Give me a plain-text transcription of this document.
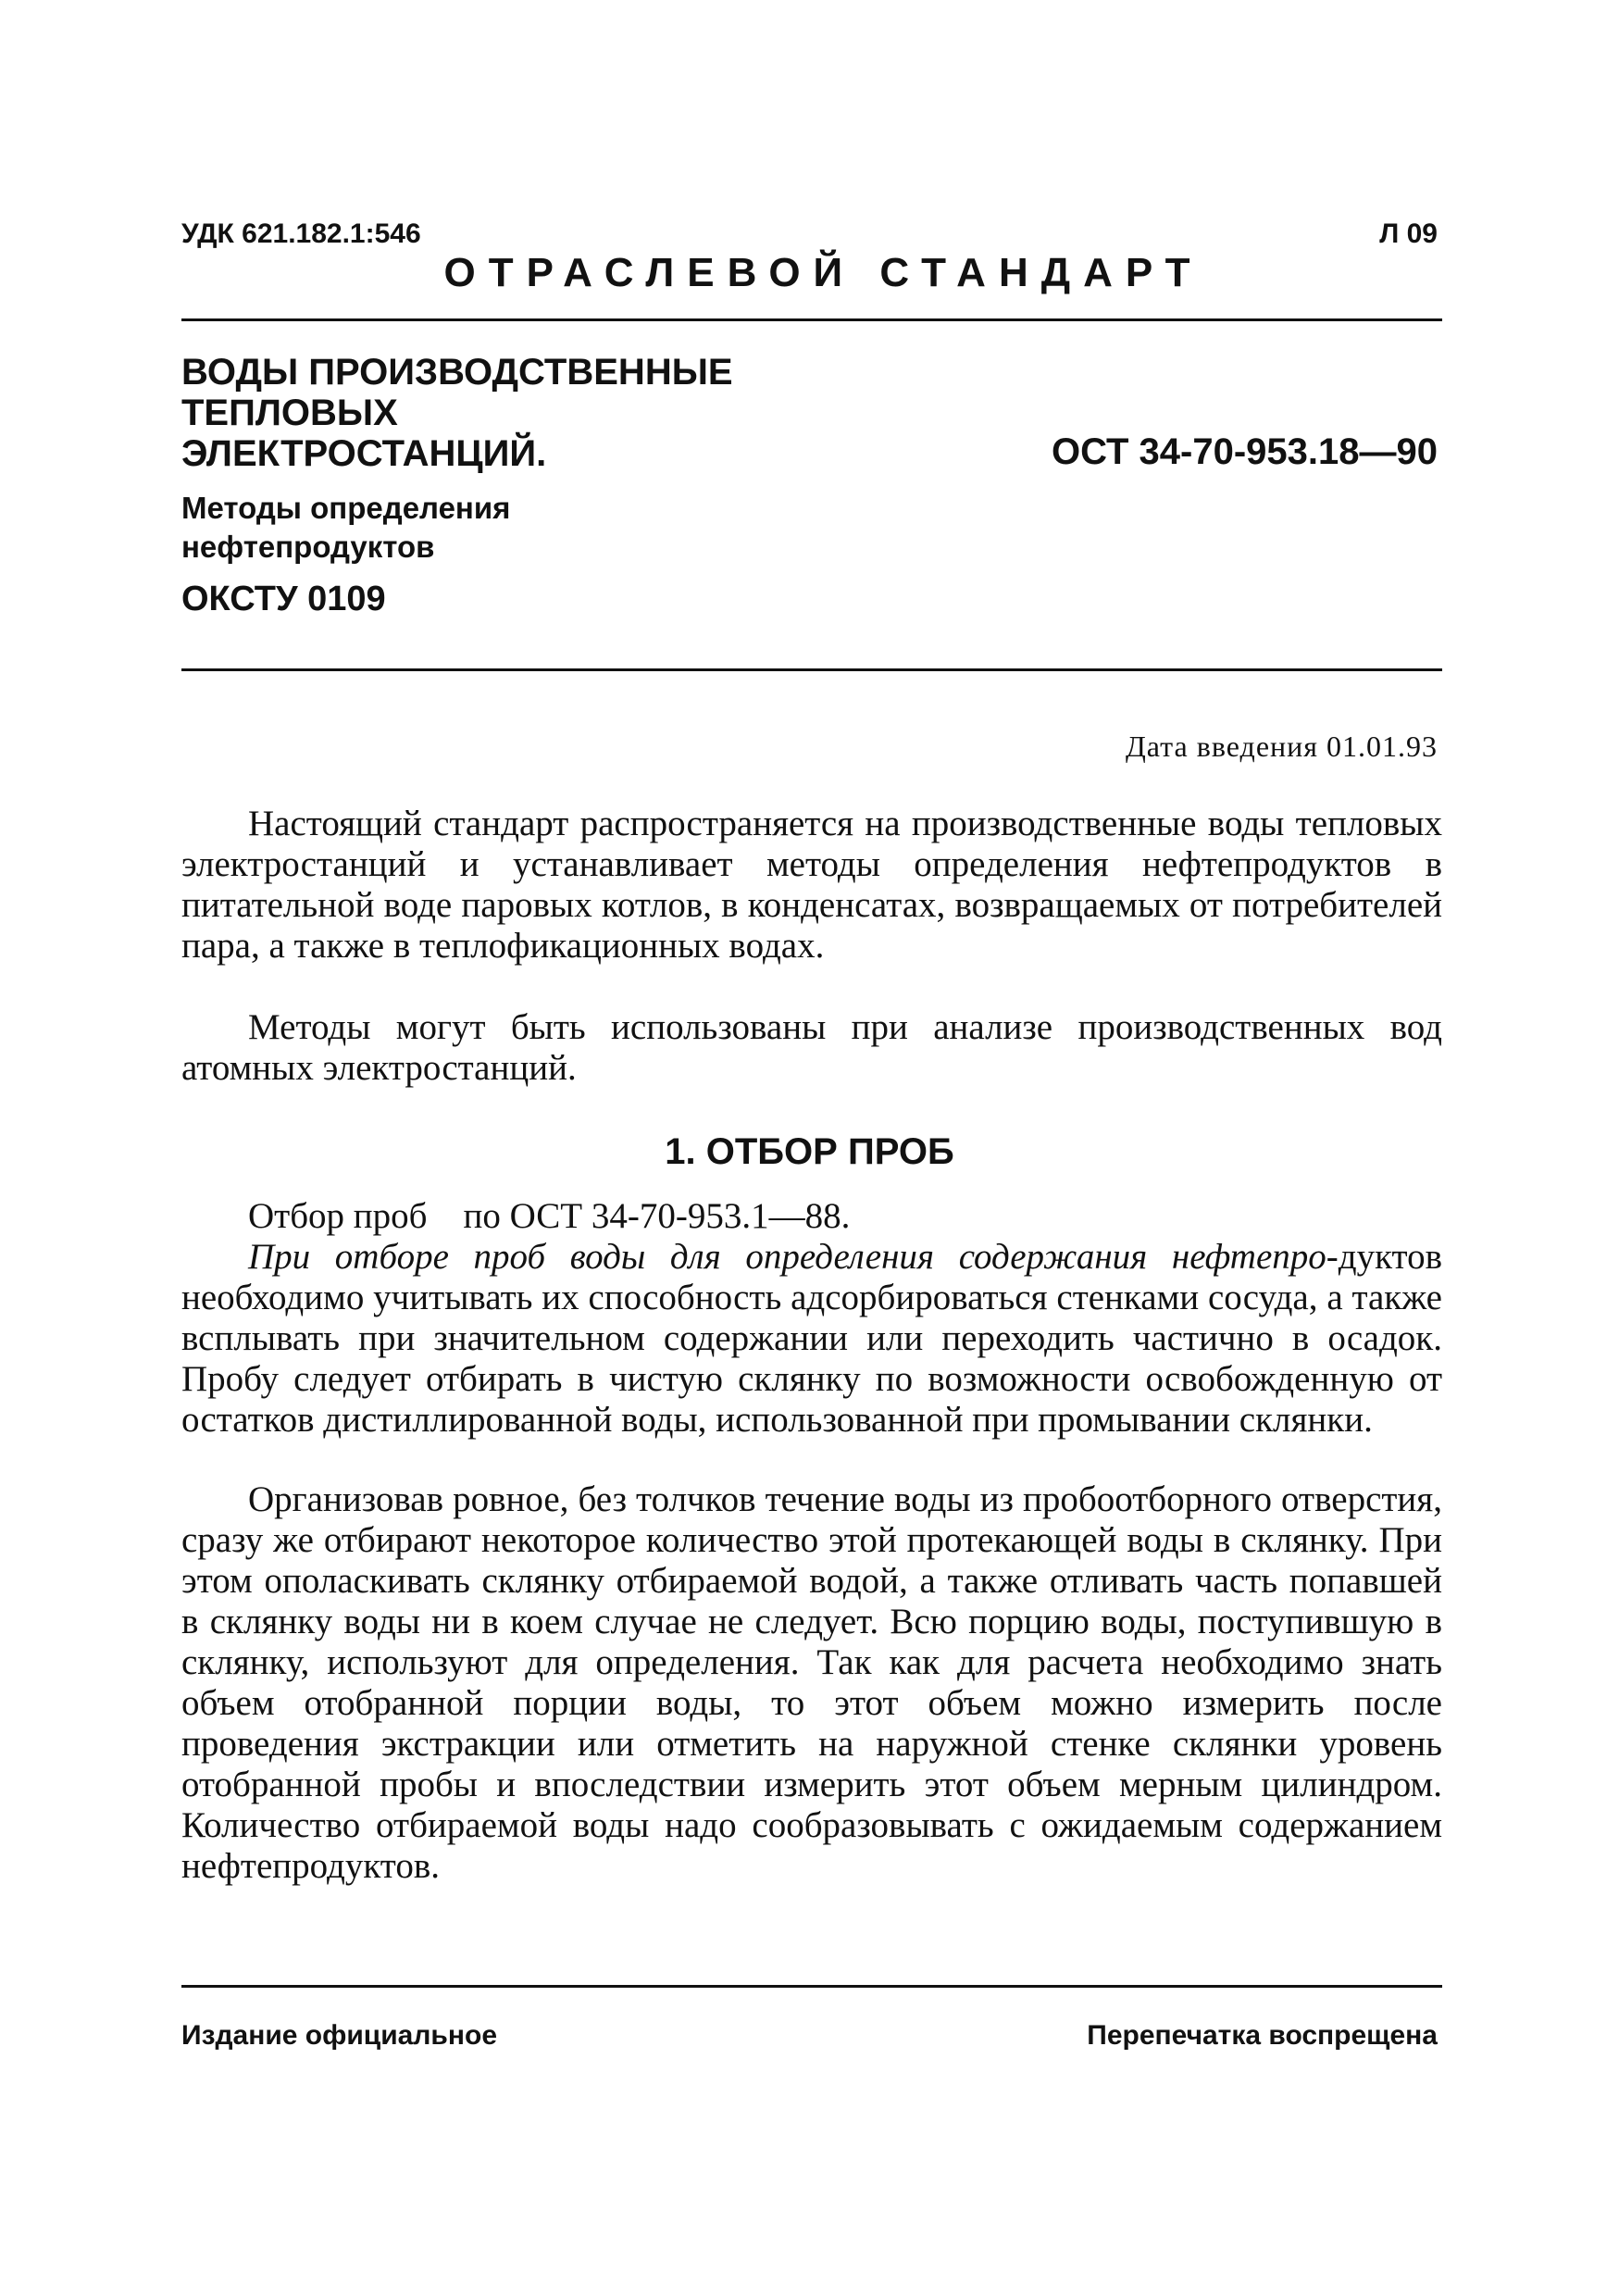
УДК 621.182.1:546	Л 09
ОТРАСЛЕВОЙ СТАНДАРТ
ВОДЫ ПРОИЗВОДСТВЕННЫЕ
ТЕПЛОВЫХ
ЭЛЕКТРОСТАНЦИЙ.	ОСТ 34-70-953.18—90
Методы определения
нефтепродуктов
ОКСТУ 0109
Дата введения 01.01.93

Настоящий стандарт распространяется на производственные воды тепловых электростанций и устанавливает методы определения нефтепродуктов в питательной воде паровых котлов, в конденсатах, возвращаемых от потребителей пара, а также в теплофикационных водах.

Методы могут быть использованы при анализе производственных вод атомных электростанций.

1. ОТБОР ПРОБ

Отбор проб    по ОСТ 34-70-953.1—88.

При отборе проб воды для определения содержания нефтепро-дуктов необходимо учитывать их способность адсорбироваться стенками сосуда, а также всплывать при значительном содержании или переходить частично в осадок. Пробу следует отбирать в чистую склянку по возможности освобожденную от остатков дистиллированной воды, использованной при промывании склянки.

Организовав ровное, без толчков течение воды из пробоотборного отверстия, сразу же отбирают некоторое количество этой протекающей воды в склянку. При этом ополаскивать склянку отбираемой водой, а также отливать часть попавшей в склянку воды ни в коем случае не следует. Всю порцию воды, поступившую в склянку, используют для определения. Так как для расчета необходимо знать объем отобранной порции воды, то этот объем можно измерить после проведения экстракции или отметить на наружной стенке склянки уровень отобранной пробы и впоследствии измерить этот объем мерным цилиндром. Количество отбираемой воды надо сообразовывать с ожидаемым содержанием нефтепродуктов.

Издание официальное	Перепечатка воспрещена
